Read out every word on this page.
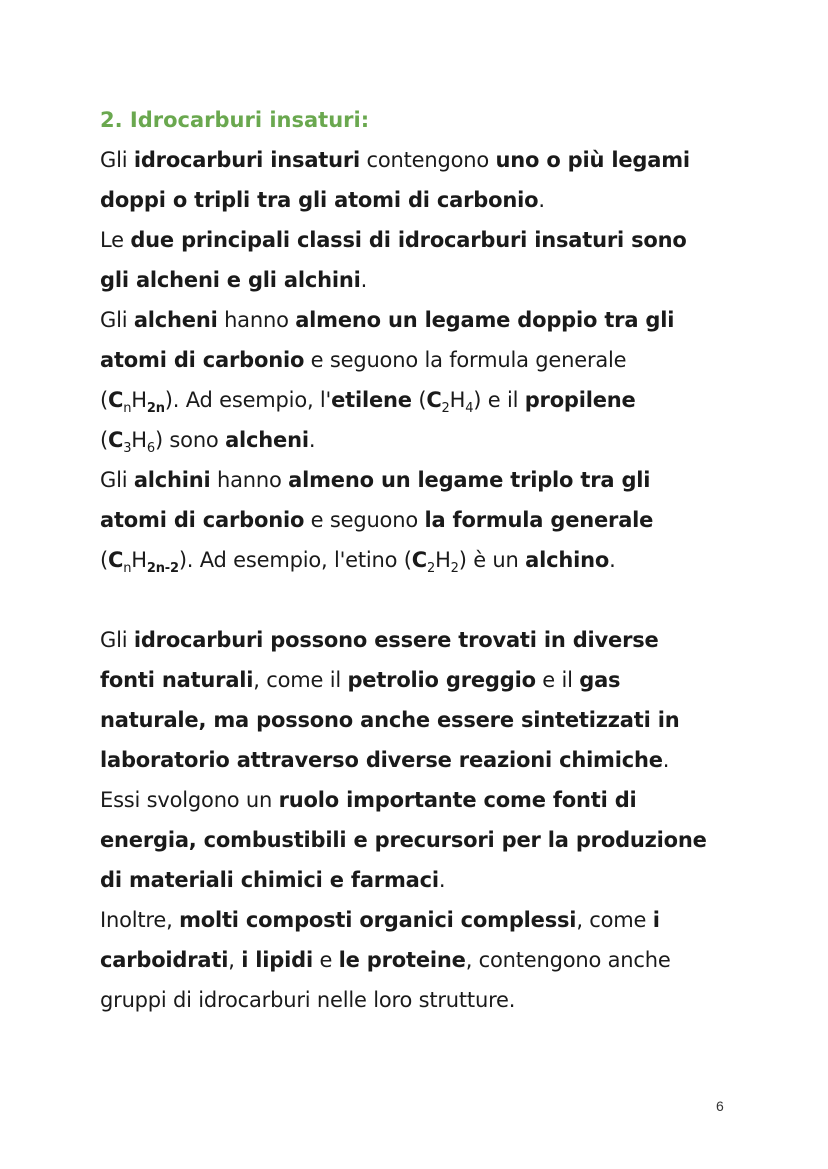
2. Idrocarburi insaturi:
Gli idrocarburi insaturi contengono uno o più legami
doppi o tripli tra gli atomi di carbonio.
Le due principali classi di idrocarburi insaturi sono
gli alcheni e gli alchini.
Gli alcheni hanno almeno un legame doppio tra gli
atomi di carbonio e seguono la formula generale
$(C_nH_{2n})$. Ad esempio, l'etilene $(C_2H_4)$ e il propilene
$(C_3H_6)$ sono alcheni.
Gli alchini hanno almeno un legame triplo tra gli
atomi di carbonio e seguono la formula generale
$(C_nH_{2n-2})$. Ad esempio, l'etino $(C_2H_2)$ è un alchino.
Gli idrocarburi possono essere trovati in diverse
fonti naturali, come il petrolio greggio e il gas
naturale, ma possono anche essere sintetizzati in
laboratorio attraverso diverse reazioni chimiche.
Essi svolgono un ruolo importante come fonti di
energia, combustibili e precursori per la produzione
di materiali chimici e farmaci.
Inoltre, molti composti organici complessi, come i
carboidrati, i lipidi e le proteine, contengono anche
gruppi di idrocarburi nelle loro strutture.
6
